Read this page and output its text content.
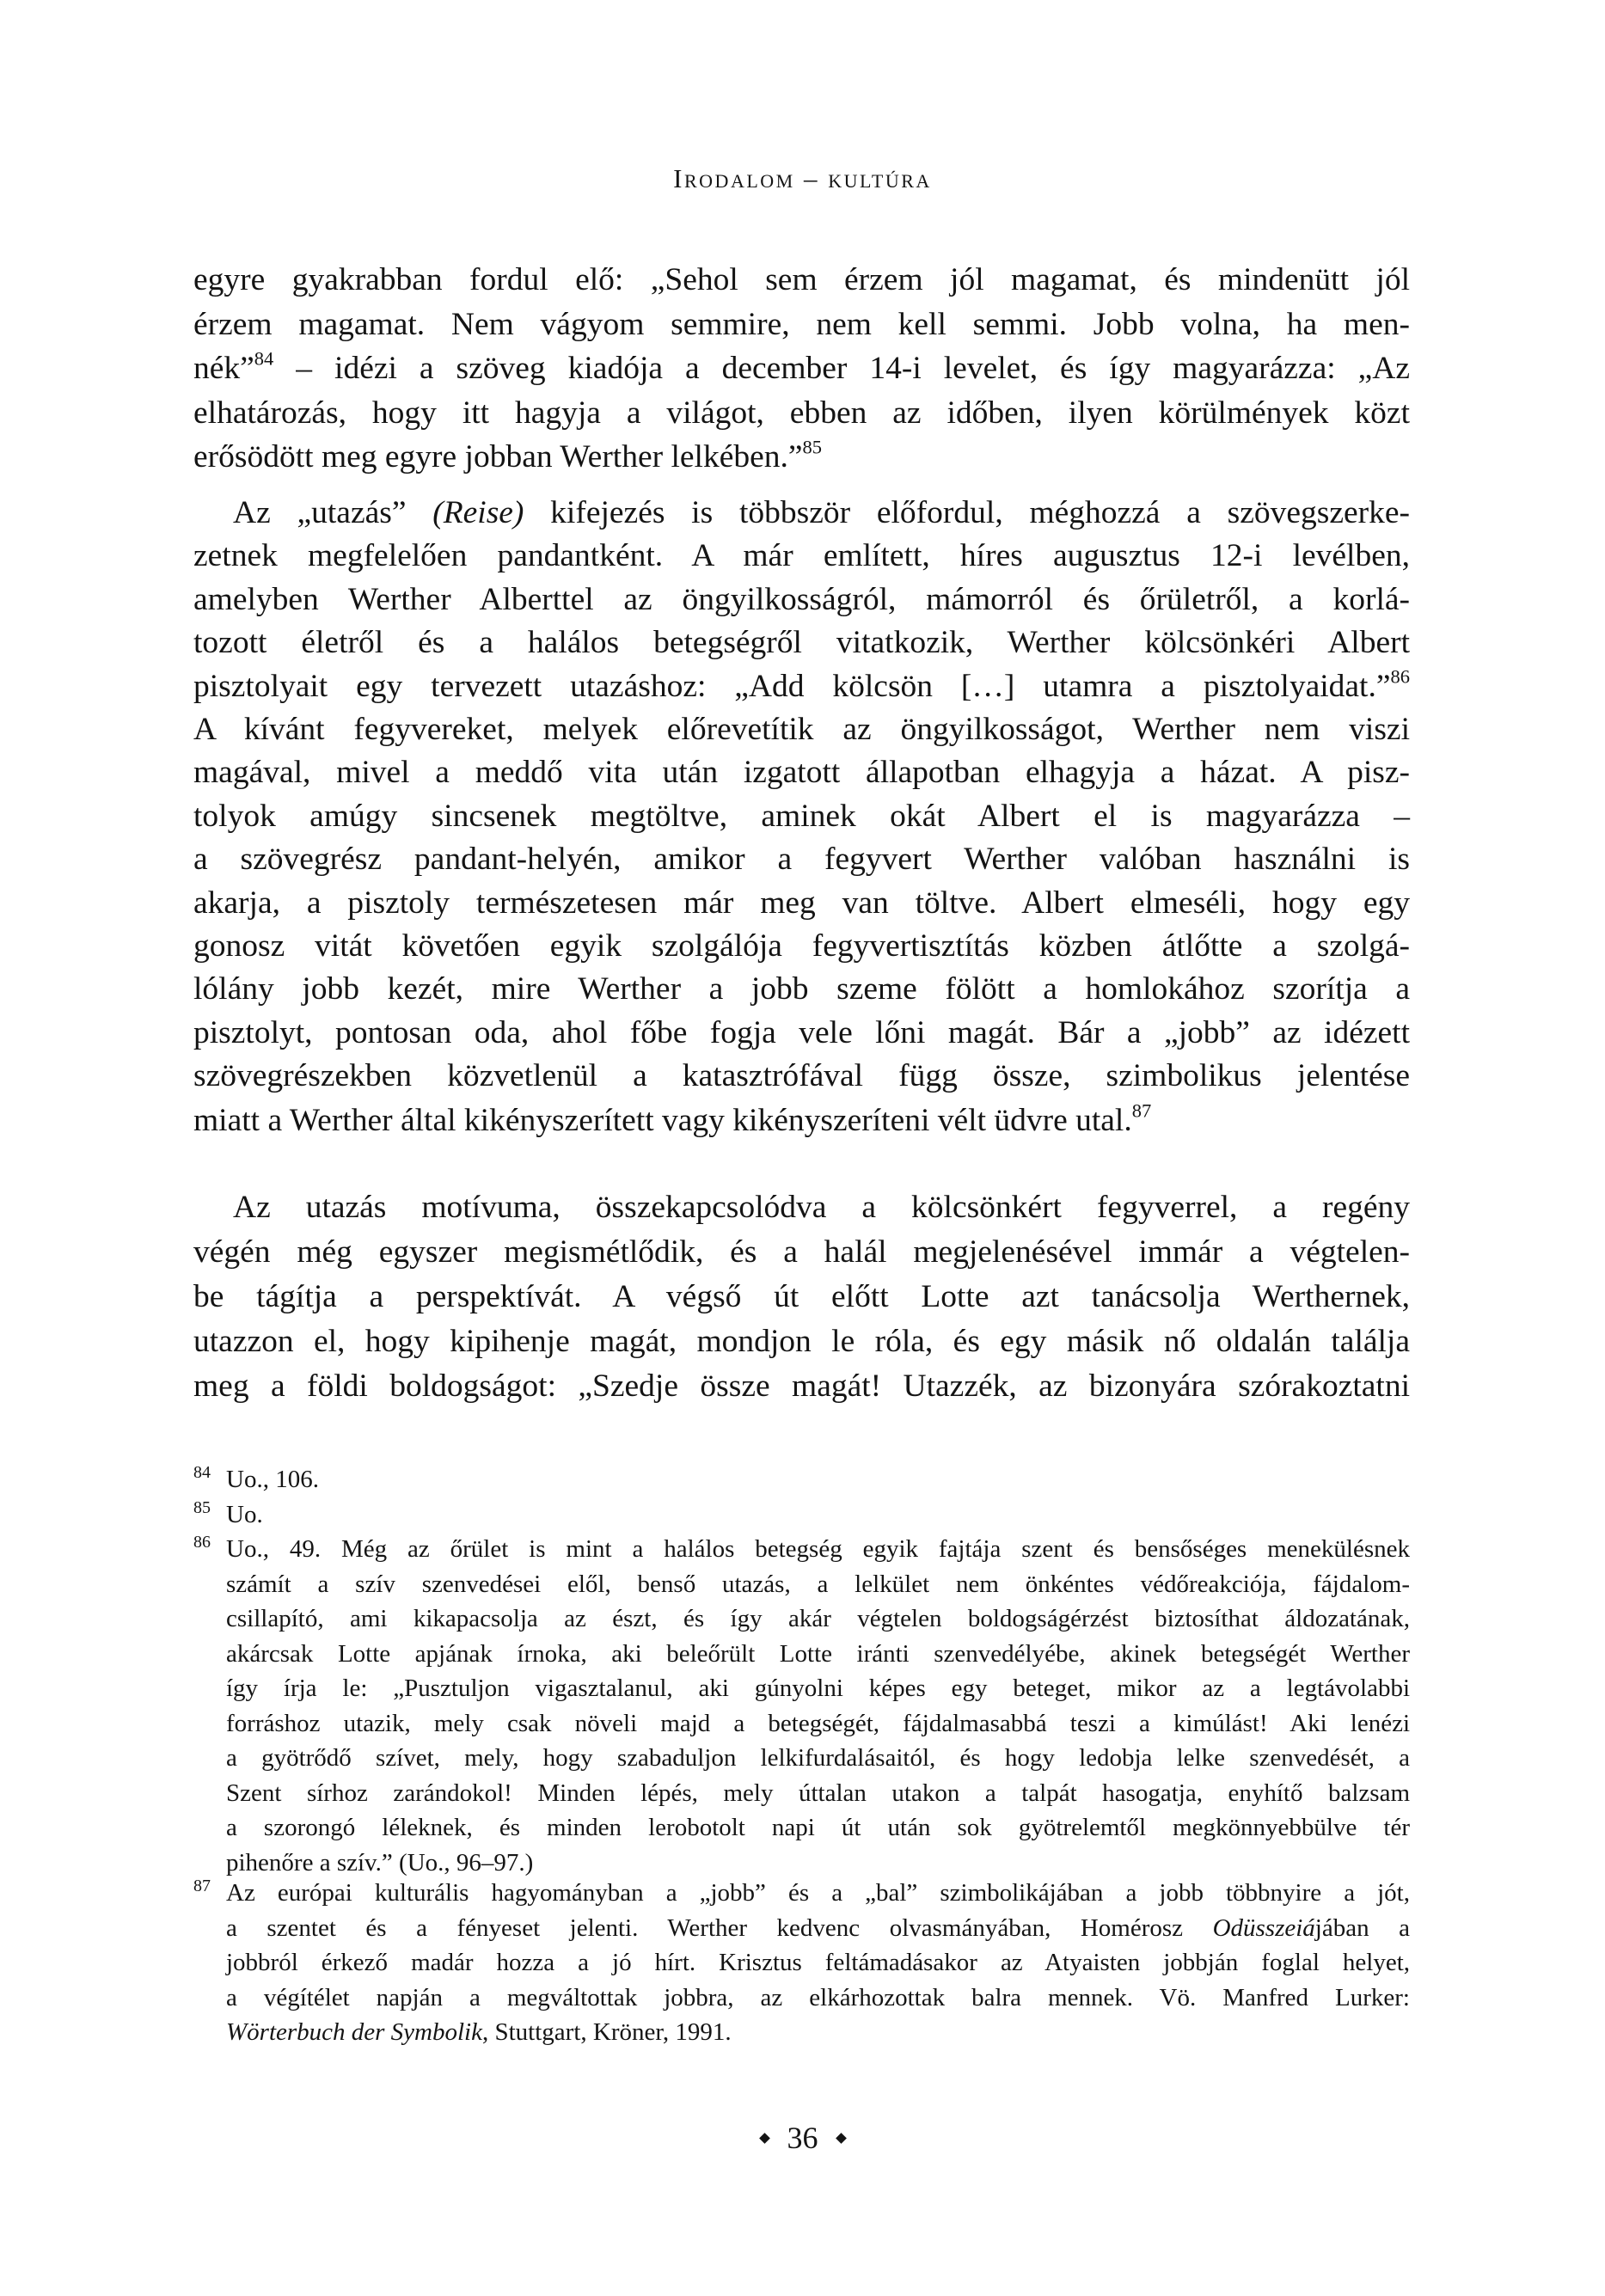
Irodalom – kultúra
egyre gyakrabban fordul elő: „Sehol sem érzem jól magamat, és mindenütt jól
érzem magamat. Nem vágyom semmire, nem kell semmi. Jobb volna, ha men-
nék”$^{84}$ – idézi a szöveg kiadója a december 14-i levelet, és így magyarázza: „Az
elhatározás, hogy itt hagyja a világot, ebben az időben, ilyen körülmények közt
erősödött meg egyre jobban Werther lelkében.”$^{85}$
Az „utazás” (Reise) kifejezés is többször előfordul, méghozzá a szövegszerke-
zetnek megfelelően pandantként. A már említett, híres augusztus 12-i levélben,
amelyben Werther Alberttel az öngyilkosságról, mámorról és őrületről, a korlá-
tozott életről és a halálos betegségről vitatkozik, Werther kölcsönkéri Albert
pisztolyait egy tervezett utazáshoz: „Add kölcsön […] utamra a pisztolyaidat.”$^{86}$
A kívánt fegyvereket, melyek előrevetítik az öngyilkosságot, Werther nem viszi
magával, mivel a meddő vita után izgatott állapotban elhagyja a házat. A pisz-
tolyok amúgy sincsenek megtöltve, aminek okát Albert el is magyarázza –
a szövegrész pandant-helyén, amikor a fegyvert Werther valóban használni is
akarja, a pisztoly természetesen már meg van töltve. Albert elmeséli, hogy egy
gonosz vitát követően egyik szolgálója fegyvertisztítás közben átlőtte a szolgá-
lólány jobb kezét, mire Werther a jobb szeme fölött a homlokához szorítja a
pisztolyt, pontosan oda, ahol főbe fogja vele lőni magát. Bár a „jobb” az idézett
szövegrészekben közvetlenül a katasztrófával függ össze, szimbolikus jelentése
miatt a Werther által kikényszerített vagy kikényszeríteni vélt üdvre utal.$^{87}$
Az utazás motívuma, összekapcsolódva a kölcsönkért fegyverrel, a regény
végén még egyszer megismétlődik, és a halál megjelenésével immár a végtelen-
be tágítja a perspektívát. A végső út előtt Lotte azt tanácsolja Werthernek,
utazzon el, hogy kipihenje magát, mondjon le róla, és egy másik nő oldalán találja
meg a földi boldogságot: „Szedje össze magát! Utazzék, az bizonyára szórakoztatni
84 Uo., 106.
85 Uo.
86 Uo., 49. Még az őrület is mint a halálos betegség egyik fajtája szent és bensőséges menekülésnek
számít a szív szenvedései elől, benső utazás, a lelkület nem önkéntes védőreakciója, fájdalom-
csillapító, ami kikapacsolja az észt, és így akár végtelen boldogságérzést biztosíthat áldozatának,
akárcsak Lotte apjának írnoka, aki beleőrült Lotte iránti szenvedélyébe, akinek betegségét Werther
így írja le: „Pusztuljon vigasztalanul, aki gúnyolni képes egy beteget, mikor az a legtávolabbi
forráshoz utazik, mely csak növeli majd a betegségét, fájdalmasabbá teszi a kimúlást! Aki lenézi
a gyötrődő szívet, mely, hogy szabaduljon lelkifurdalásaitól, és hogy ledobja lelke szenvedését, a
Szent sírhoz zarándokol! Minden lépés, mely úttalan utakon a talpát hasogatja, enyhítő balzsam
a szorongó léleknek, és minden lerobotolt napi út után sok gyötrelemtől megkönnyebbülve tér
pihenőre a szív.” (Uo., 96–97.)
87 Az európai kulturális hagyományban a „jobb” és a „bal” szimbolikájában a jobb többnyire a jót,
a szentet és a fényeset jelenti. Werther kedvenc olvasmányában, Homérosz Odüsszeiájában a
jobbról érkező madár hozza a jó hírt. Krisztus feltámadásakor az Atyaisten jobbján foglal helyet,
a végítélet napján a megváltottak jobbra, az elkárhozottak balra mennek. Vö. Manfred Lurker:
Wörterbuch der Symbolik, Stuttgart, Kröner, 1991.
36
